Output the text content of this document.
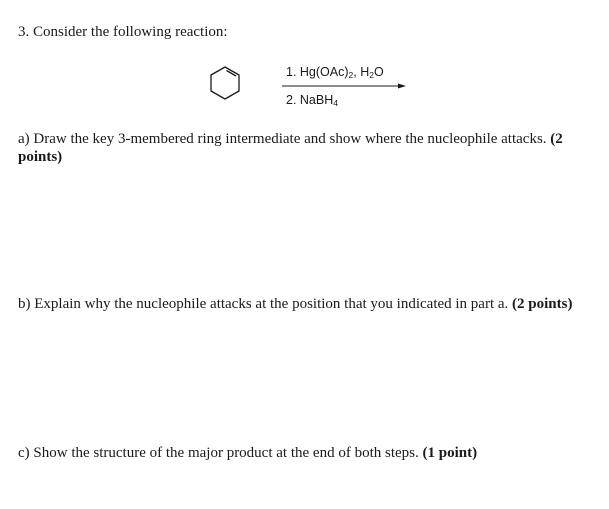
3. Consider the following reaction:
1. $Hg(OAc)_2$, $H_2O$
2. NaBH$_4$

a) Draw the key 3-membered ring intermediate and show where the nucleophile attacks. (2 points)

b) Explain why the nucleophile attacks at the position that you indicated in part a. (2 points)

c) Show the structure of the major product at the end of both steps. (1 point)
